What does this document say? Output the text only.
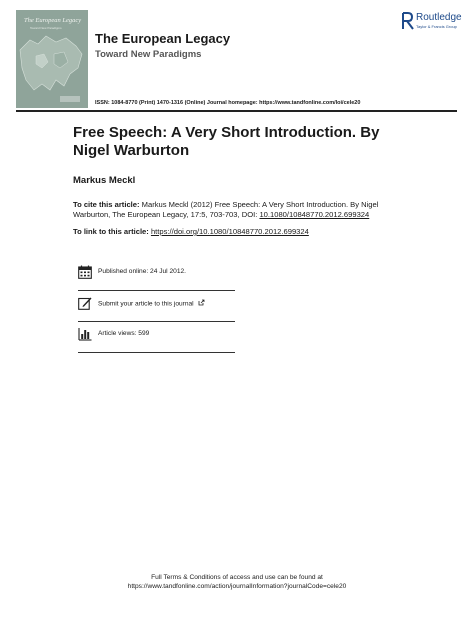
The European Legacy
Toward New Paradigms
The European Legacy
Toward New Paradigms
Routledge
Taylor & Francis Group
ISSN: 1084-8770 (Print) 1470-1316 (Online) Journal homepage: https://www.tandfonline.com/loi/cele20
Free Speech: A Very Short Introduction. By Nigel Warburton
Markus Meckl
To cite this article: Markus Meckl (2012) Free Speech: A Very Short Introduction. By Nigel Warburton, The European Legacy, 17:5, 703-703, DOI: 10.1080/10848770.2012.699324
To link to this article: https://doi.org/10.1080/10848770.2012.699324
Published online: 24 Jul 2012.
Submit your article to this journal
Article views: 599
Full Terms & Conditions of access and use can be found at
https://www.tandfonline.com/action/journalInformation?journalCode=cele20
